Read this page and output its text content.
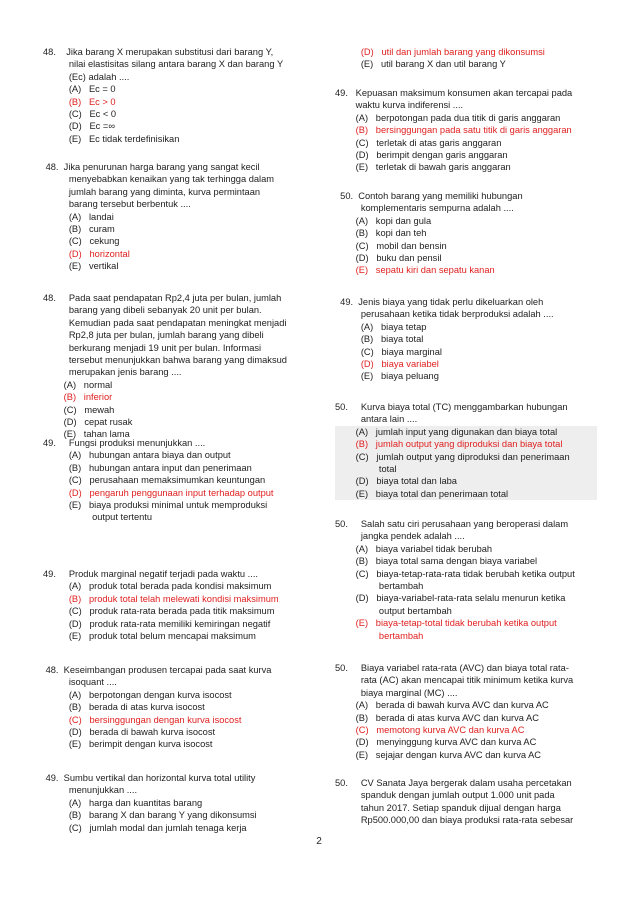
48.    Jika barang X merupakan substitusi dari barang Y,
nilai elastisitas silang antara barang X dan barang Y
(Ec) adalah ....
(A)   Ec = 0
(B)   Ec > 0
(C)   Ec < 0
(D)   Ec =∞
(E)   Ec tidak terdefinisikan
48.  Jika penurunan harga barang yang sangat kecil
menyebabkan kenaikan yang tak terhingga dalam
jumlah barang yang diminta, kurva permintaan
barang tersebut berbentuk ....
(A)   landai
(B)   curam
(C)   cekung
(D)   horizontal
(E)   vertikal
48.     Pada saat pendapatan Rp2,4 juta per bulan, jumlah
barang yang dibeli sebanyak 20 unit per bulan.
Kemudian pada saat pendapatan meningkat menjadi
Rp2,8 juta per bulan, jumlah barang yang dibeli
berkurang menjadi 19 unit per bulan. Informasi
tersebut menunjukkan bahwa barang yang dimaksud
merupakan jenis barang ....
(A)   normal
(B)   inferior
(C)   mewah
(D)   cepat rusak
(E)   tahan lama
49.     Fungsi produksi menunjukkan ....
(A)   hubungan antara biaya dan output
(B)   hubungan antara input dan penerimaan
(C)   perusahaan memaksimumkan keuntungan
(D)   pengaruh penggunaan input terhadap output
(E)   biaya produksi minimal untuk memproduksi
output tertentu
49.     Produk marginal negatif terjadi pada waktu ....
(A)   produk total berada pada kondisi maksimum
(B)   produk total telah melewati kondisi maksimum
(C)   produk rata-rata berada pada titik maksimum
(D)   produk rata-rata memiliki kemiringan negatif
(E)   produk total belum mencapai maksimum
48.  Keseimbangan produsen tercapai pada saat kurva
isoquant ....
(A)   berpotongan dengan kurva isocost
(B)   berada di atas kurva isocost
(C)   bersinggungan dengan kurva isocost
(D)   berada di bawah kurva isocost
(E)   berimpit dengan kurva isocost
49.  Sumbu vertikal dan horizontal kurva total utility
menunjukkan ....
(A)   harga dan kuantitas barang
(B)   barang X dan barang Y yang dikonsumsi
(C)   jumlah modal dan jumlah tenaga kerja
(D)   util dan jumlah barang yang dikonsumsi
(E)   util barang X dan util barang Y
49.   Kepuasan maksimum konsumen akan tercapai pada
waktu kurva indiferensi ....
(A)   berpotongan pada dua titik di garis anggaran
(B)   bersinggungan pada satu titik di garis anggaran
(C)   terletak di atas garis anggaran
(D)   berimpit dengan garis anggaran
(E)   terletak di bawah garis anggaran
50.  Contoh barang yang memiliki hubungan
komplementaris sempurna adalah ....
(A)   kopi dan gula
(B)   kopi dan teh
(C)   mobil dan bensin
(D)   buku dan pensil
(E)   sepatu kiri dan sepatu kanan
49.  Jenis biaya yang tidak perlu dikeluarkan oleh
perusahaan ketika tidak berproduksi adalah ....
(A)   biaya tetap
(B)   biaya total
(C)   biaya marginal
(D)   biaya variabel
(E)   biaya peluang
50.     Kurva biaya total (TC) menggambarkan hubungan
antara lain ....
(A)   jumlah input yang digunakan dan biaya total
(B)   jumlah output yang diproduksi dan biaya total
(C)   jumlah output yang diproduksi dan penerimaan
total
(D)   biaya total dan laba
(E)   biaya total dan penerimaan total
50.     Salah satu ciri perusahaan yang beroperasi dalam
jangka pendek adalah ....
(A)   biaya variabel tidak berubah
(B)   biaya total sama dengan biaya variabel
(C)   biaya-tetap-rata-rata tidak berubah ketika output
bertambah
(D)   biaya-variabel-rata-rata selalu menurun ketika
output bertambah
(E)   biaya-tetap-total tidak berubah ketika output
bertambah
50.     Biaya variabel rata-rata (AVC) dan biaya total rata-
rata (AC) akan mencapai titik minimum ketika kurva
biaya marginal (MC) ....
(A)   berada di bawah kurva AVC dan kurva AC
(B)   berada di atas kurva AVC dan kurva AC
(C)   memotong kurva AVC dan kurva AC
(D)   menyinggung kurva AVC dan kurva AC
(E)   sejajar dengan kurva AVC dan kurva AC
50.     CV Sanata Jaya bergerak dalam usaha percetakan
spanduk dengan jumlah output 1.000 unit pada
tahun 2017. Setiap spanduk dijual dengan harga
Rp500.000,00 dan biaya produksi rata-rata sebesar
2
